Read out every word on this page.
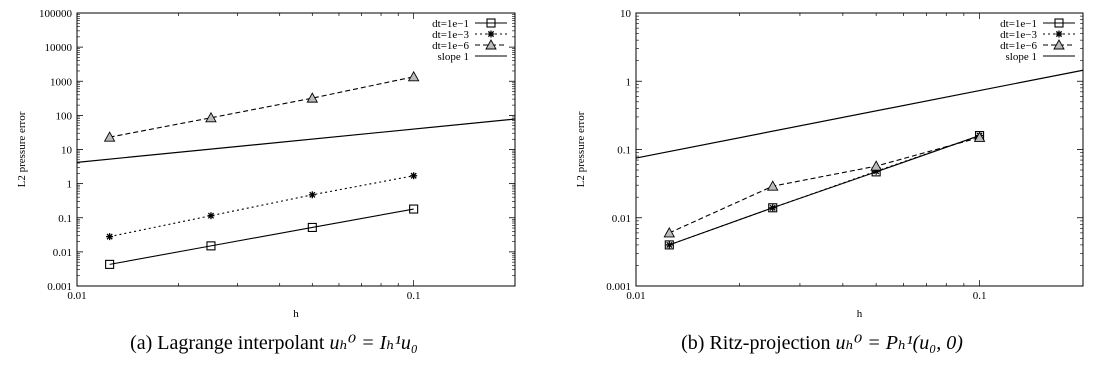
0.001
0.01
0.1
1
10
100
1000
10000
100000
0.01	0.1
h
L2 pressure error
dt=1e−1
dt=1e−3
dt=1e−6
slope 1
(a) Lagrange interpolant uₕ⁰ = Iₕ¹u₀
0.001
0.01
0.1
1
10
0.01	0.1
h
L2 pressure error
dt=1e−1
dt=1e−3
dt=1e−6
slope 1
(b) Ritz-projection uₕ⁰ = Pₕ¹(u₀, 0)
